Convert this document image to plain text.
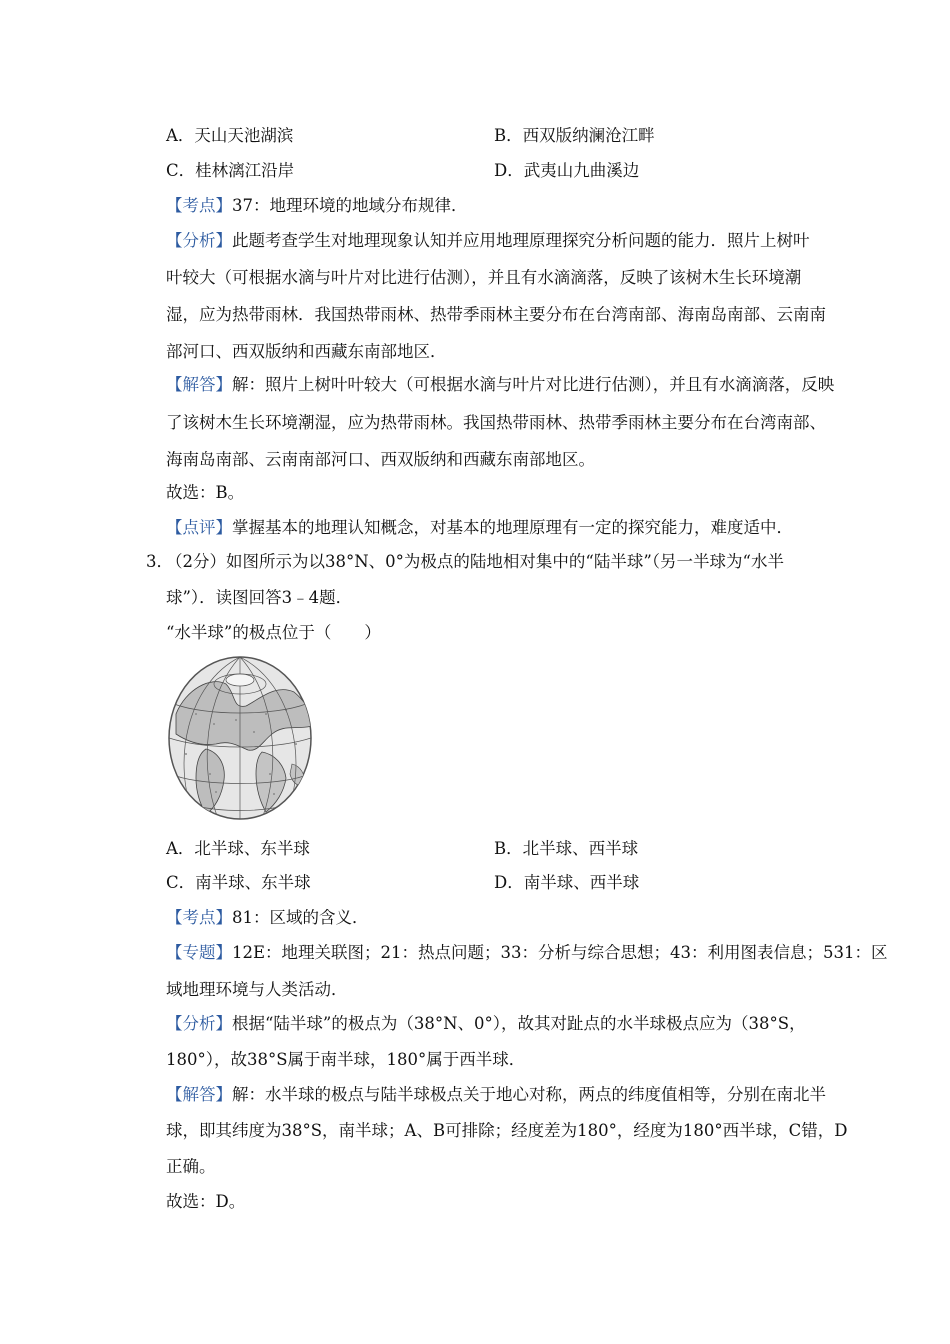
A．天山天池湖滨	B．西双版纳澜沧江畔
C．桂林漓江沿岸	D．武夷山九曲溪边
【考点】37：地理环境的地域分布规律．
【分析】此题考查学生对地理现象认知并应用地理原理探究分析问题的能力．照片上树叶
叶较大（可根据水滴与叶片对比进行估测），并且有水滴滴落，反映了该树木生长环境潮
湿，应为热带雨林．我国热带雨林、热带季雨林主要分布在台湾南部、海南岛南部、云南南
部河口、西双版纳和西藏东南部地区．
【解答】解：照片上树叶叶较大（可根据水滴与叶片对比进行估测），并且有水滴滴落，反映
了该树木生长环境潮湿，应为热带雨林。我国热带雨林、热带季雨林主要分布在台湾南部、
海南岛南部、云南南部河口、西双版纳和西藏东南部地区。
故选：B。
【点评】掌握基本的地理认知概念，对基本的地理原理有一定的探究能力，难度适中．
3．
（2分）如图所示为以38°N、0°为极点的陆地相对集中的“陆半球”（另一半球为“水半
球”）．读图回答3﹣4题．
“水半球”的极点位于（　　）
A．北半球、东半球	B．北半球、西半球
C．南半球、东半球	D．南半球、西半球
【考点】81：区域的含义．
【专题】12E：地理关联图；21：热点问题；33：分析与综合思想；43：利用图表信息；531：区
域地理环境与人类活动．
【分析】根据“陆半球”的极点为（38°N、0°），故其对趾点的水半球极点应为（38°S，
180°），故38°S属于南半球，180°属于西半球．
【解答】解：水半球的极点与陆半球极点关于地心对称，两点的纬度值相等，分别在南北半
球，即其纬度为38°S，南半球；A、B可排除；经度差为180°，经度为180°西半球，C错，D
正确。
故选：D。
